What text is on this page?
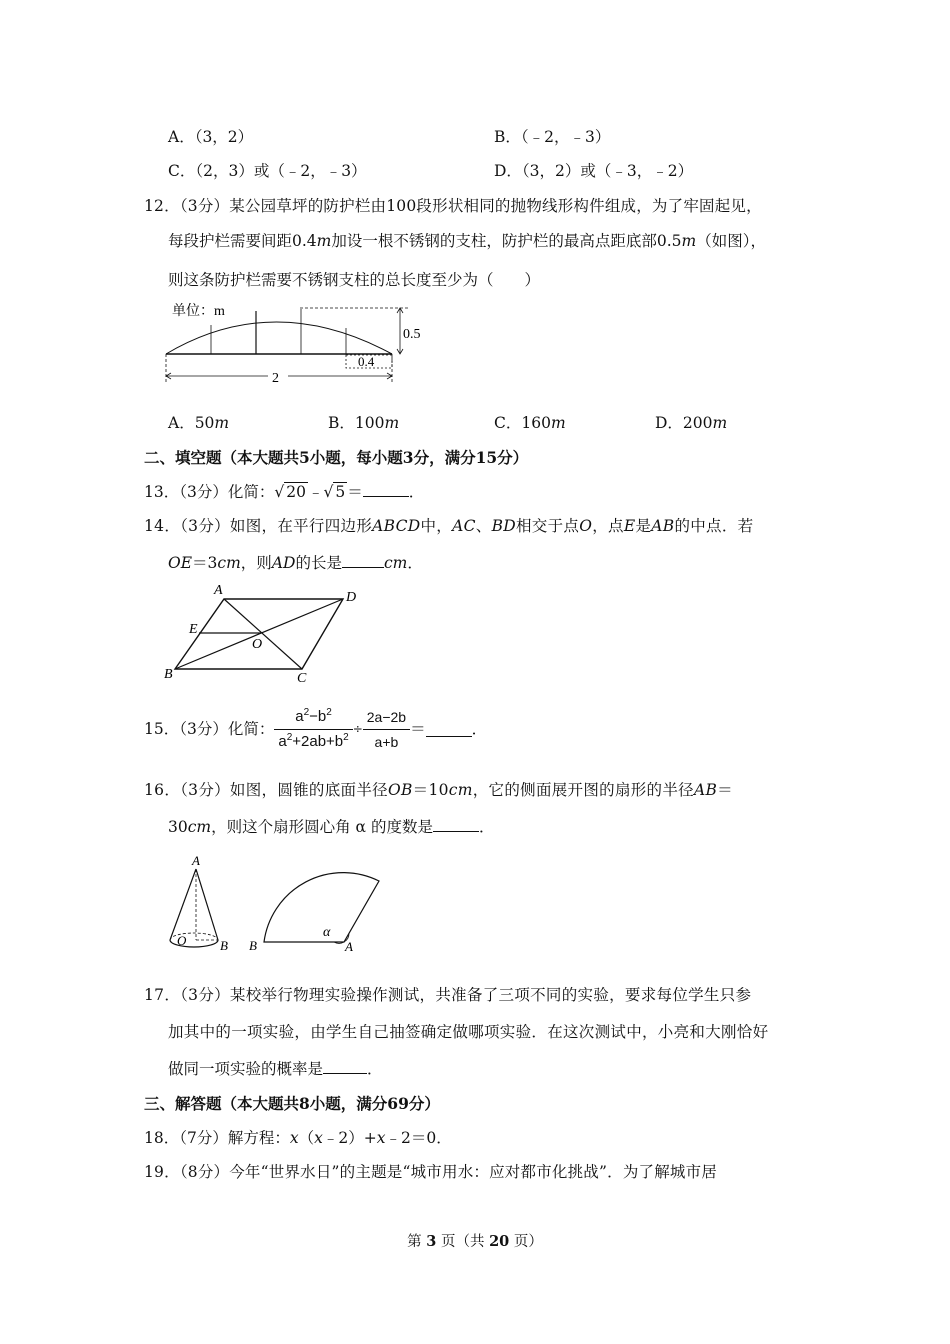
A．（3，2）	B．（﹣2，﹣3）
C．（2，3）或（﹣2，﹣3）	D．（3，2）或（﹣3，﹣2）
12．（3分）某公园草坪的防护栏由100段形状相同的抛物线形构件组成，为了牢固起见，
每段护栏需要间距0.4m加设一根不锈钢的支柱，防护栏的最高点距底部0.5m（如图），
则这条防护栏需要不锈钢支柱的总长度至少为（　　）
0.5
0.4
2
单位：m
A．50m	B．100m	C．160m	D．200m
二、填空题（本大题共5小题，每小题3分，满分15分）
13．（3分）化简：√ 20 ﹣√ 5 ＝	．
14．（3分）如图，在平行四边形ABCD中，AC、BD相交于点O，点E是AB的中点．若
OE＝3cm，则AD的长是	cm．
A	D
E
O
B	C
15．（3分）化简： $\frac{a^2-b^2}{a^2+2ab+b^2} \div \frac{2a-2b}{a+b}$ ＝	．
16．（3分）如图，圆锥的底面半径OB＝10cm，它的侧面展开图的扇形的半径AB＝
30cm，则这个扇形圆心角 α 的度数是	．
A
O	B
α
B	A
17．（3分）某校举行物理实验操作测试，共准备了三项不同的实验，要求每位学生只参
加其中的一项实验，由学生自己抽签确定做哪项实验．在这次测试中，小亮和大刚恰好
做同一项实验的概率是	．
三、解答题（本大题共8小题，满分69分）
18．（7分）解方程：x（x﹣2）+x﹣2＝0．
19．（8分）今年“世界水日”的主题是“城市用水：应对都市化挑战”．为了解城市居
第 3 页（共 20 页）
